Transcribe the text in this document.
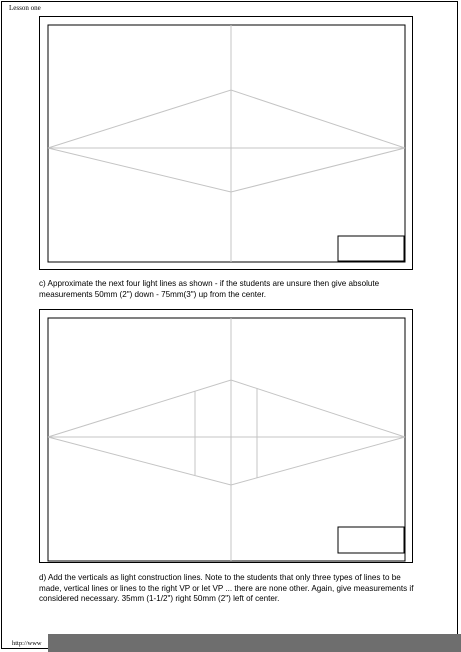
Lesson one
c) Approximate the next four light lines as shown - if the students are unsure then give absolute measurements 50mm (2") down - 75mm(3") up from the center.
d) Add the verticals as light construction lines. Note to the students that only three types of lines to be made, vertical lines or lines to the right VP or let VP ... there are none other. Again, give measurements if considered necessary. 35mm (1-1/2") right 50mm (2") left of center.
http://www
